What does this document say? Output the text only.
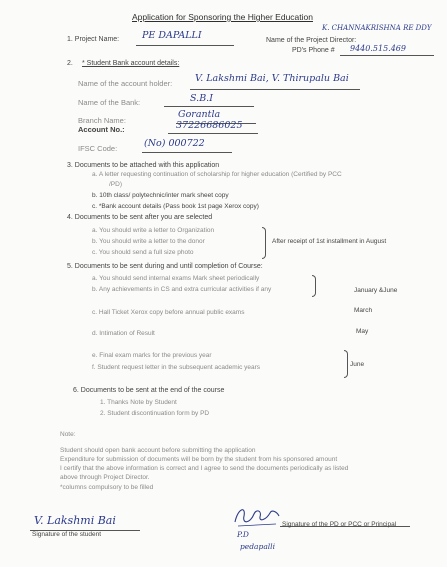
Application for Sponsoring the Higher Education
1. Project Name: PE DAPALLI	Name of the Project Director:
K. CHANNAKRISHNA RE DDY
PD's Phone # 9440.515.469
2. * Student Bank account details:
Name of the account holder: V. Lakshmi Bai, V. Thirupalu Bai
Name of the Bank:	S.B.I
Branch Name:
Gorantla
Account No.:	37226686025
IFSC Code:	(No) 000722
3. Documents to be attached with this application
a. A letter requesting continuation of scholarship for higher education (Certified by PCC
/PD)
b. 10th class/ polytechnic/inter mark sheet copy
c. *Bank account details (Pass book 1st page Xerox copy)
4. Documents to be sent after you are selected
a. You should write a letter to Organization
b. You should write a letter to the donor
c. You should send a full size photo
After receipt of 1st installment in August
5. Documents to be sent during and until completion of Course:
a. You should send internal exams Mark sheet periodically
b. Any achievements in CS and extra curricular activities if any	January &June
c. Hall Ticket Xerox copy before annual public exams	March
d. Intimation of Result	May
e. Final exam marks for the previous year
f. Student request letter in the subsequent academic years	June
6. Documents to be sent at the end of the course
1. Thanks Note by Student
2. Student discontinuation form by PD
Note:
Student should open bank account before submitting the application
Expenditure for submission of documents will be born by the student from his sponsored amount
I certify that the above information is correct and I agree to send the documents periodically as listed
above through Project Director.
*columns compulsory to be filled
V. Lakshmi Bai
Signature of the student	P.D
pedapalli
Signature of the PD or PCC or Principal
